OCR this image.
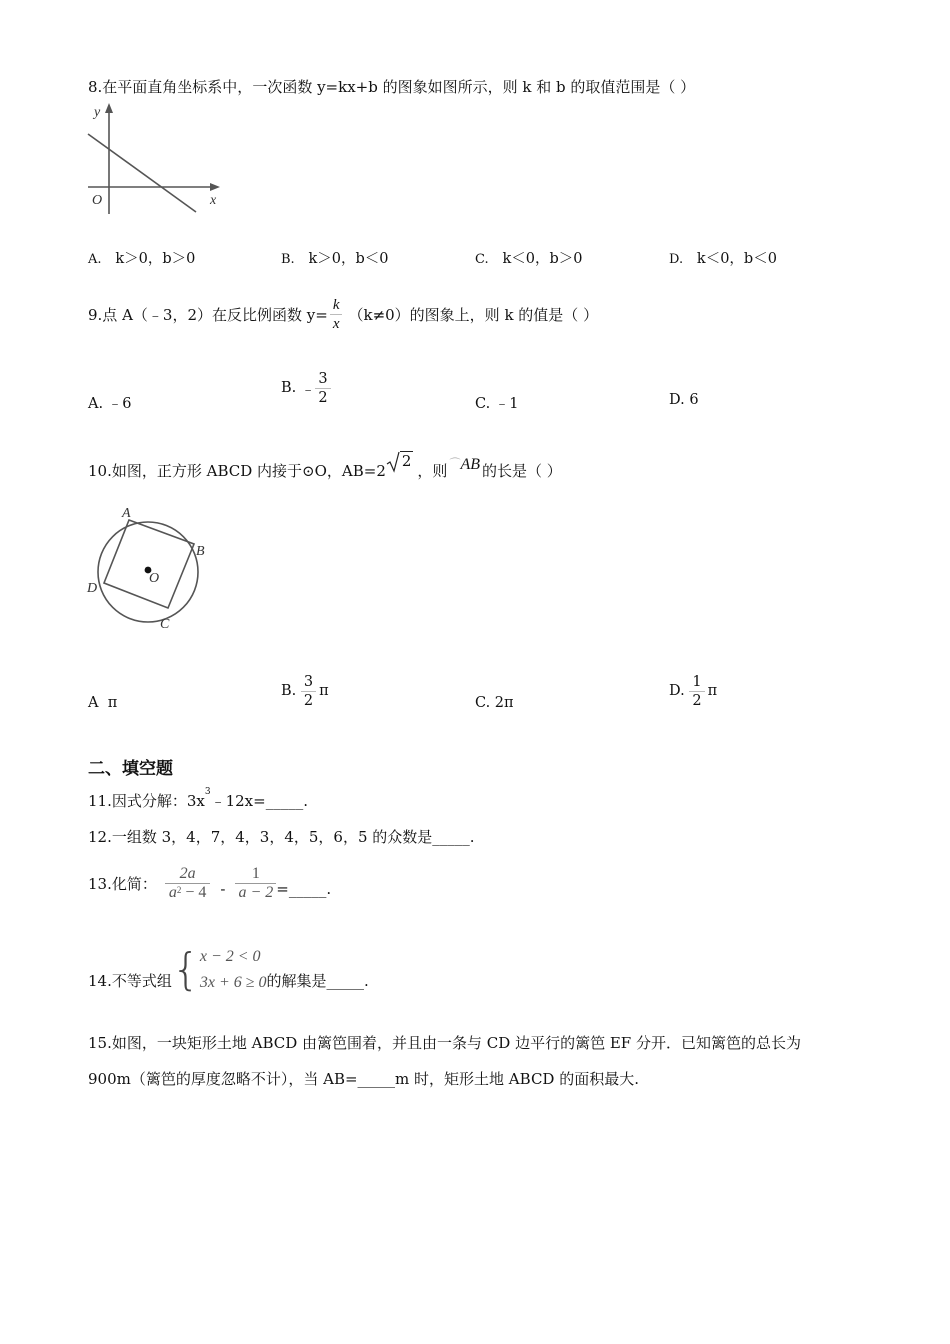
8.在平面直角坐标系中，一次函数 y=kx+b 的图象如图所示，则 k 和 b 的取值范围是（ ）
y
x
O
A. k＞0，b＞0	B. k＞0，b＜0	C. k＜0，b＞0	D. k＜0，b＜0
9.点 A（﹣3，2）在反比例函数 $y= \frac{k}{x} (k\ne 0)$的图象上，则 k 的值是（ ）
A. ﹣6
B.
﹣ $\frac{3}{2}$	C. ﹣1	D. 6
10.如图，正方形 ABCD 内接于⊙O，AB=2
2
，则 ⌒AB 的长是（ ）
A
B
C
D
O
A π
B.
$\frac{3}{2}$ π
C. 2π
D.
$\frac{1}{2}$ π
二、填空题
11.因式分解：$3x^3﹣12x=\_\_\_\_\_$.
12.一组数 3，4，7，4，3，4，5，6，5 的众数是_____.
13.化简： $\frac{2a}{a^2 - 4} - \frac{1}{a - 2}$ =_____.
14.不等式组 { x − 2 < 0
3x + 6 ≥ 0 的解集是_____.
15.如图，一块矩形土地 ABCD 由篱笆围着，并且由一条与 CD 边平行的篱笆 EF 分开．已知篱笆的总长为
900m（篱笆的厚度忽略不计），当 AB=_____m 时，矩形土地 ABCD 的面积最大.
